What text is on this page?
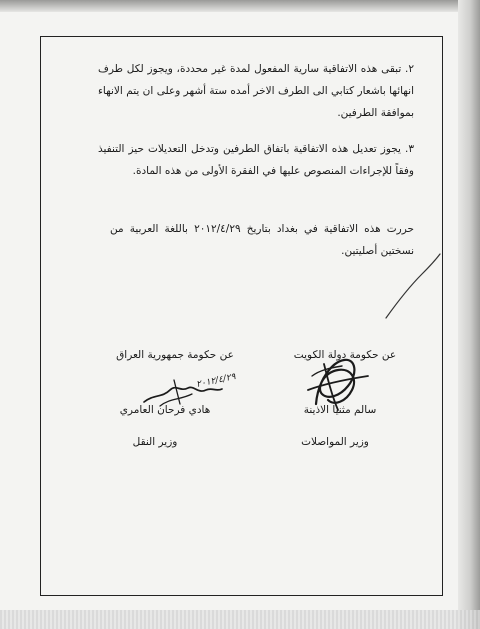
٢. تبقى هذه الاتفاقية سارية المفعول لمدة غير محددة، ويجوز لكل طرف انهائها باشعار كتابي الى الطرف الاخر أمده ستة أشهر وعلى ان يتم الانهاء بموافقة الطرفين.

٣. يجوز تعديل هذه الاتفاقية باتفاق الطرفين وتدخل التعديلات حيز التنفيذ وفقاً للإجراءات المنصوص عليها في الفقرة الأولى من هذه المادة.

حررت هذه الاتفاقية في بغداد بتاريخ ٢٠١٢/٤/٢٩ باللغة العربية من نسختين أصليتين.

عن حكومة دولة الكويت

سالم مثنيا الاذينة

وزير المواصلات

عن حكومة جمهورية العراق

٢٠١٢/٤/٢٩

هادي فرحان العامري

وزير النقل
